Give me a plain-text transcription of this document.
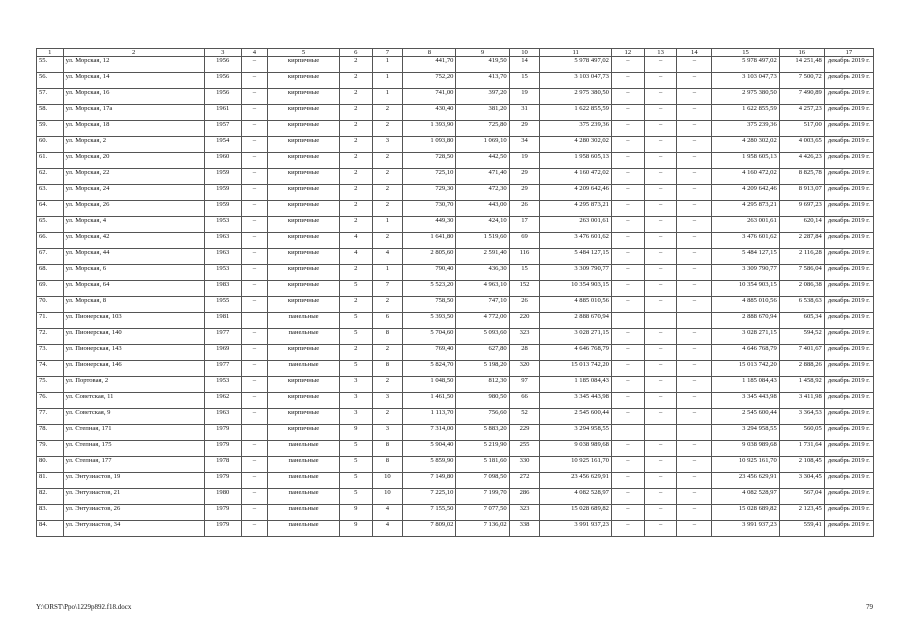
1	2	3	4	5	6	7	8	9	10	11	12	13	14	15	16	17
55.	ул. Морская, 12	1956	–	кирпичные	2	1	441,70	419,50	14	5 978 497,02	–	–	–	5 978 497,02	14 251,48	декабрь 2019 г.
56.	ул. Морская, 14	1956	–	кирпичные	2	1	752,20	413,70	15	3 103 047,73	–	–	–	3 103 047,73	7 500,72	декабрь 2019 г.
57.	ул. Морская, 16	1956	–	кирпичные	2	1	741,00	397,20	19	2 975 380,50	–	–	–	2 975 380,50	7 490,89	декабрь 2019 г.
58.	ул. Морская, 17а	1961	–	кирпичные	2	2	430,40	381,20	31	1 622 855,59	–	–	–	1 622 855,59	4 257,23	декабрь 2019 г.
59.	ул. Морская, 18	1957	–	кирпичные	2	2	1 393,90	725,80	29	375 239,36	–	–	–	375 239,36	517,00	декабрь 2019 г.
60.	ул. Морская, 2	1954	–	кирпичные	2	3	1 093,80	1 069,10	34	4 280 302,02	–	–	–	4 280 302,02	4 003,65	декабрь 2019 г.
61.	ул. Морская, 20	1960	–	кирпичные	2	2	728,50	442,50	19	1 958 605,13	–	–	–	1 958 605,13	4 426,23	декабрь 2019 г.
62.	ул. Морская, 22	1959	–	кирпичные	2	2	725,10	471,40	29	4 160 472,02	–	–	–	4 160 472,02	8 825,78	декабрь 2019 г.
63.	ул. Морская, 24	1959	–	кирпичные	2	2	729,30	472,30	29	4 209 642,46	–	–	–	4 209 642,46	8 913,07	декабрь 2019 г.
64.	ул. Морская, 26	1959	–	кирпичные	2	2	730,70	443,00	26	4 295 873,21	–	–	–	4 295 873,21	9 697,23	декабрь 2019 г.
65.	ул. Морская, 4	1953	–	кирпичные	2	1	449,30	424,10	17	263 001,61	–	–	–	263 001,61	620,14	декабрь 2019 г.
66.	ул. Морская, 42	1963	–	кирпичные	4	2	1 641,80	1 519,60	69	3 476 601,62	–	–	–	3 476 601,62	2 287,84	декабрь 2019 г.
67.	ул. Морская, 44	1963	–	кирпичные	4	4	2 805,60	2 591,40	116	5 484 127,15	–	–	–	5 484 127,15	2 116,28	декабрь 2019 г.
68.	ул. Морская, 6	1953	–	кирпичные	2	1	790,40	436,30	15	3 309 790,77	–	–	–	3 309 790,77	7 586,04	декабрь 2019 г.
69.	ул. Морская, 64	1983	–	кирпичные	5	7	5 523,20	4 963,10	152	10 354 903,15	–	–	–	10 354 903,15	2 086,38	декабрь 2019 г.
70.	ул. Морская, 8	1955	–	кирпичные	2	2	758,50	747,10	26	4 885 010,56	–	–	–	4 885 010,56	6 538,63	декабрь 2019 г.
71.	ул. Пионерская, 103	1981		панельные	5	6	5 393,50	4 772,00	220	2 888 670,94				2 888 670,94	605,34	декабрь 2019 г.
72.	ул. Пионерская, 140	1977	–	панельные	5	8	5 704,60	5 093,60	323	3 028 271,15	–	–	–	3 028 271,15	594,52	декабрь 2019 г.
73.	ул. Пионерская, 143	1969	–	кирпичные	2	2	769,40	627,80	28	4 646 768,79	–	–	–	4 646 768,79	7 401,67	декабрь 2019 г.
74.	ул. Пионерская, 146	1977	–	панельные	5	8	5 824,70	5 198,20	320	15 013 742,20	–	–	–	15 013 742,20	2 888,26	декабрь 2019 г.
75.	ул. Портовая, 2	1953	–	кирпичные	3	2	1 048,50	812,30	97	1 185 084,43	–	–	–	1 185 084,43	1 458,92	декабрь 2019 г.
76.	ул. Советская, 11	1962	–	кирпичные	3	3	1 461,50	980,50	66	3 345 443,98	–	–	–	3 345 443,98	3 411,98	декабрь 2019 г.
77.	ул. Советская, 9	1963	–	кирпичные	3	2	1 113,70	756,60	52	2 545 600,44	–	–	–	2 545 600,44	3 364,53	декабрь 2019 г.
78.	ул. Степная, 171	1979		кирпичные	9	3	7 314,00	5 883,20	229	3 294 958,55				3 294 958,55	560,05	декабрь 2019 г.
79.	ул. Степная, 175	1979	–	панельные	5	8	5 904,40	5 219,90	255	9 038 989,68	–	–	–	9 038 989,68	1 731,64	декабрь 2019 г.
80.	ул. Степная, 177	1978	–	панельные	5	8	5 859,90	5 181,60	330	10 925 161,70	–	–	–	10 925 161,70	2 108,45	декабрь 2019 г.
81.	ул. Энтузиастов, 19	1979	–	панельные	5	10	7 149,80	7 098,50	272	23 456 629,91	–	–	–	23 456 629,91	3 304,45	декабрь 2019 г.
82.	ул. Энтузиастов, 21	1980	–	панельные	5	10	7 225,10	7 199,70	286	4 082 528,97	–	–	–	4 082 528,97	567,04	декабрь 2019 г.
83.	ул. Энтузиастов, 26	1979	–	панельные	9	4	7 155,50	7 077,50	323	15 028 689,82	–	–	–	15 028 689,82	2 123,45	декабрь 2019 г.
84.	ул. Энтузиастов, 34	1979	–	панельные	9	4	7 809,02	7 136,02	338	3 991 937,23	–	–	–	3 991 937,23	559,41	декабрь 2019 г.
Y:\ORST\Ppo\1229p892.f18.docx	79
